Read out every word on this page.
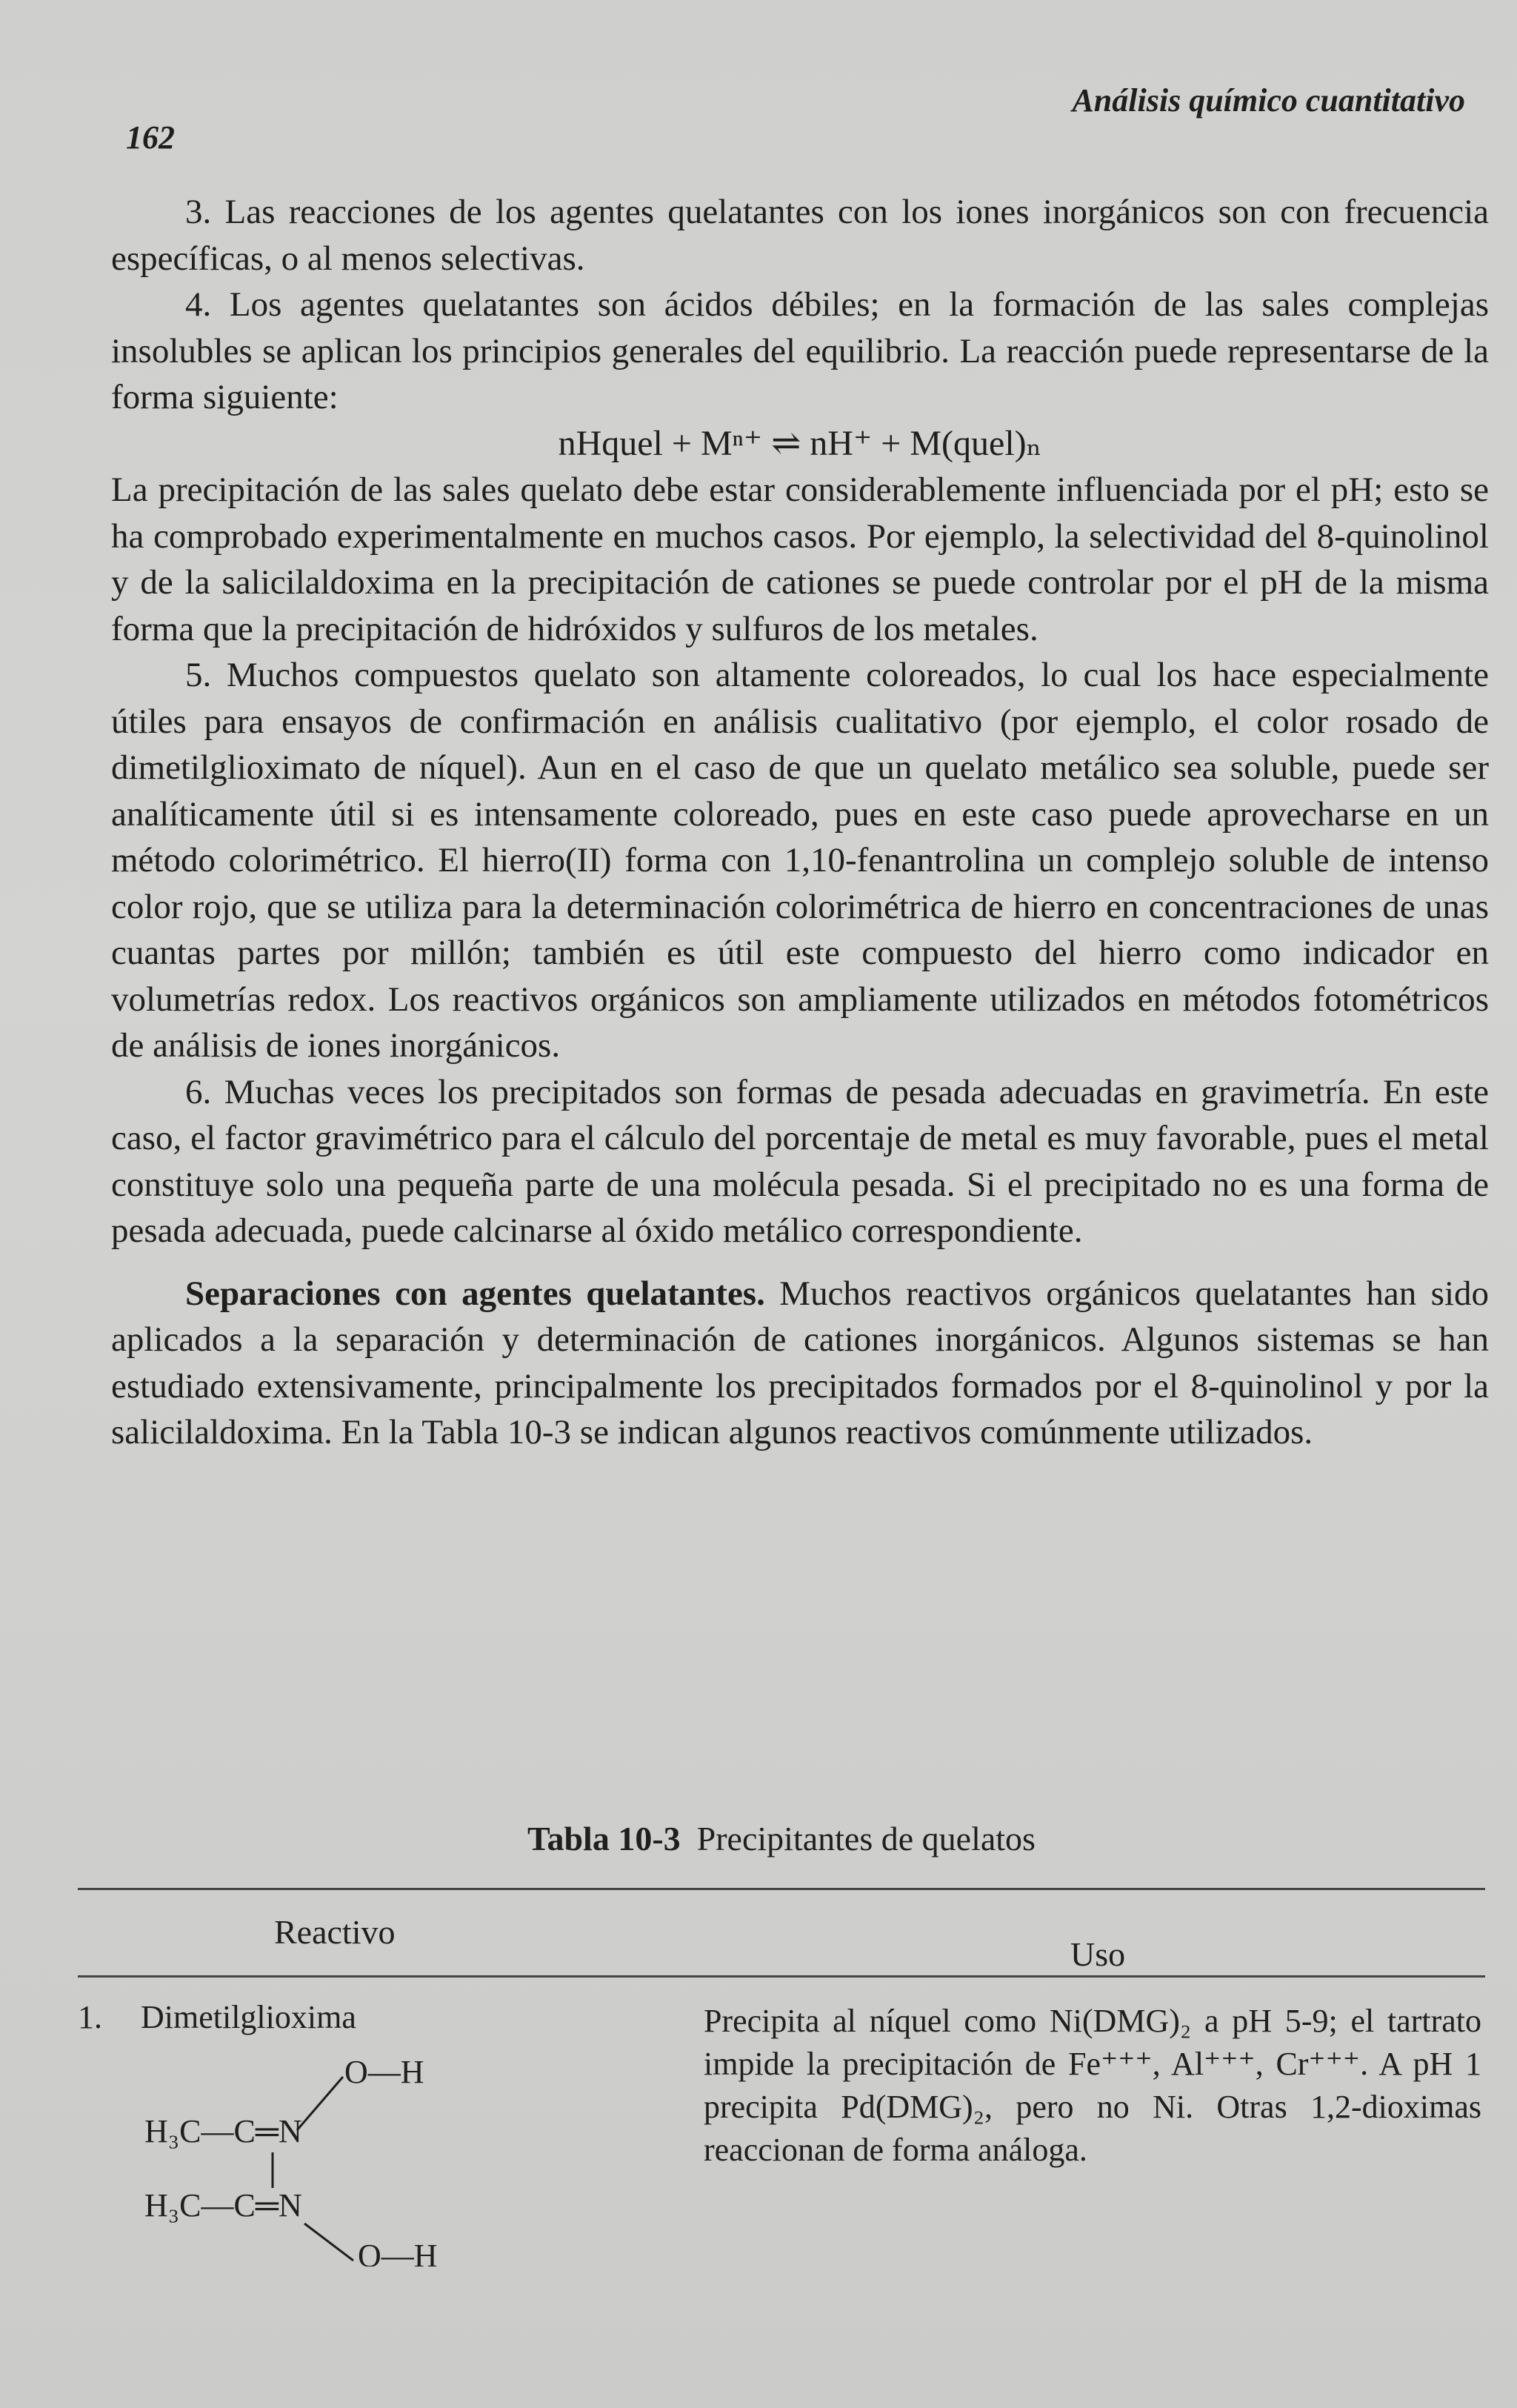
162
Análisis químico cuantitativo

3. Las reacciones de los agentes quelatantes con los iones inorgánicos son con frecuencia específicas, o al menos selectivas.

4. Los agentes quelatantes son ácidos débiles; en la formación de las sales complejas insolubles se aplican los principios generales del equilibrio. La reacción puede representarse de la forma siguiente:

nHquel + Mⁿ⁺ ⇌ nH⁺ + M(quel)ₙ

La precipitación de las sales quelato debe estar considerablemente influenciada por el pH; esto se ha comprobado experimentalmente en muchos casos. Por ejemplo, la selectividad del 8-quinolinol y de la salicilaldoxima en la precipitación de cationes se puede controlar por el pH de la misma forma que la precipitación de hidróxidos y sulfuros de los metales.

5. Muchos compuestos quelato son altamente coloreados, lo cual los hace especialmente útiles para ensayos de confirmación en análisis cualitativo (por ejemplo, el color rosado de dimetilglioximato de níquel). Aun en el caso de que un quelato metálico sea soluble, puede ser analíticamente útil si es intensamente coloreado, pues en este caso puede aprovecharse en un método colorimétrico. El hierro(II) forma con 1,10-fenantrolina un complejo soluble de intenso color rojo, que se utiliza para la determinación colorimétrica de hierro en concentraciones de unas cuantas partes por millón; también es útil este compuesto del hierro como indicador en volumetrías redox. Los reactivos orgánicos son ampliamente utilizados en métodos fotométricos de análisis de iones inorgánicos.

6. Muchas veces los precipitados son formas de pesada adecuadas en gravimetría. En este caso, el factor gravimétrico para el cálculo del porcentaje de metal es muy favorable, pues el metal constituye solo una pequeña parte de una molécula pesada. Si el precipitado no es una forma de pesada adecuada, puede calcinarse al óxido metálico correspondiente.

Separaciones con agentes quelatantes. Muchos reactivos orgánicos quelatantes han sido aplicados a la separación y determinación de cationes inorgánicos. Algunos sistemas se han estudiado extensivamente, principalmente los precipitados formados por el 8-quinolinol y por la salicilaldoxima. En la Tabla 10-3 se indican algunos reactivos comúnmente utilizados.

Tabla 10-3 Precipitantes de quelatos
Reactivo
Uso
1. Dimetilglioxima
O—H
H₃C—C═N
H₃C—C═N
O—H
Precipita al níquel como Ni(DMG)₂ a pH 5-9; el tartrato impide la precipitación de Fe⁺⁺⁺, Al⁺⁺⁺, Cr⁺⁺⁺. A pH 1 precipita Pd(DMG)₂, pero no Ni. Otras 1,2-dioximas reaccionan de forma análoga.
